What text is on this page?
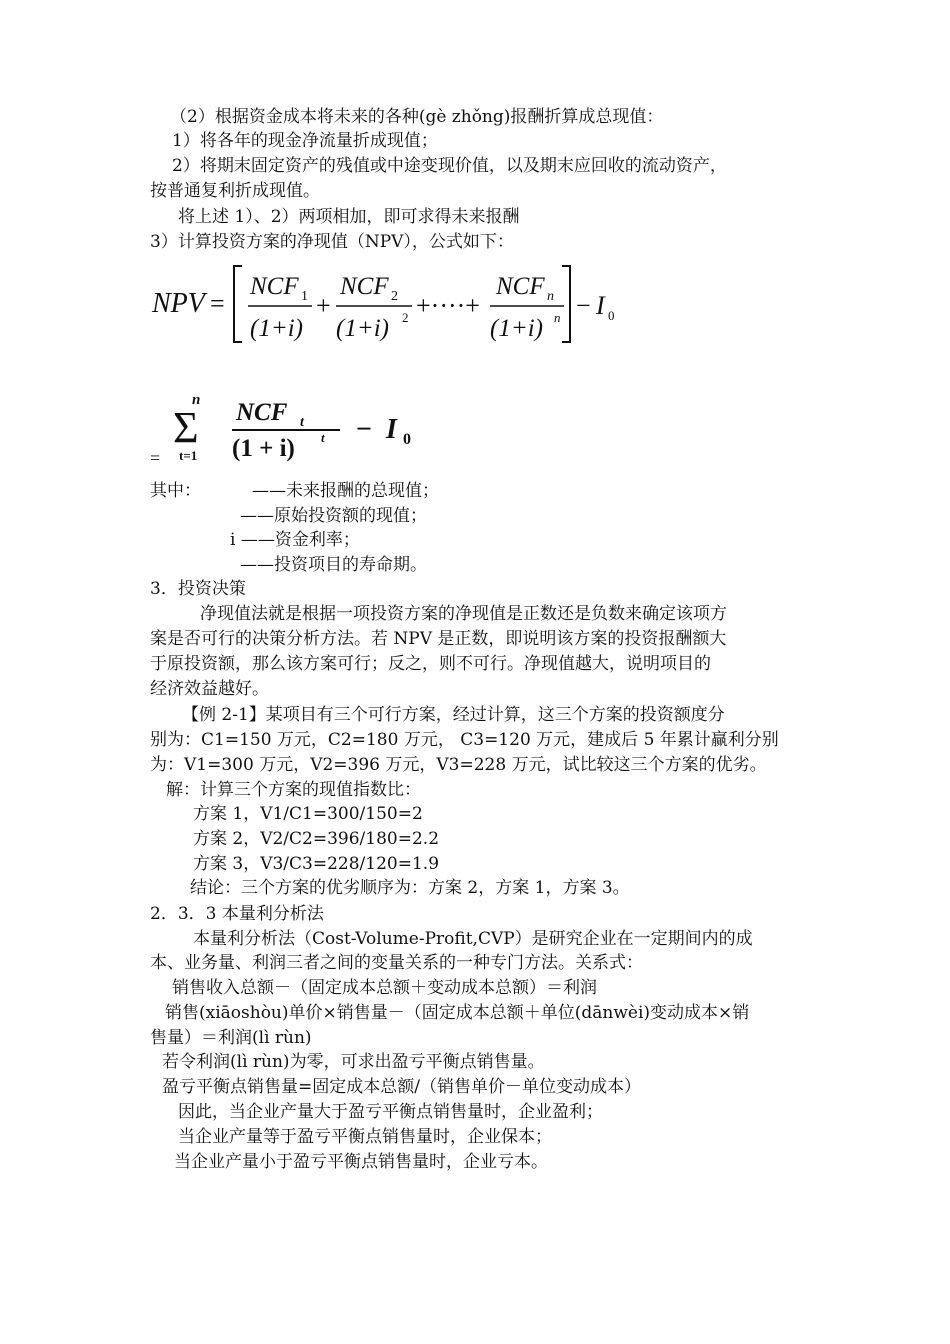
（2）根据资金成本将未来的各种(gè zhǒng)报酬折算成总现值：
1）将各年的现金净流量折成现值；
2）将期末固定资产的残值或中途变现价值，以及期末应回收的流动资产，
按普通复利折成现值。
将上述 1）、2）两项相加，即可求得未来报酬
3）计算投资方案的净现值（NPV），公式如下：
NPV =
NCF 1
(1+i)
+
NCF 2
(1+i) 2 +····+
NCF n
(1+i) n − I 0
=
n
Σ
t=1
NCF t
(1 + i) t − I 0
其中：	——未来报酬的总现值；
——原始投资额的现值；
i ——资金利率；
——投资项目的寿命期。
3．投资决策
净现值法就是根据一项投资方案的净现值是正数还是负数来确定该项方
案是否可行的决策分析方法。若 NPV 是正数，即说明该方案的投资报酬额大
于原投资额，那么该方案可行；反之，则不可行。净现值越大，说明项目的
经济效益越好。
【例 2-1】某项目有三个可行方案，经过计算，这三个方案的投资额度分
别为：C1=150 万元，C2=180 万元， C3=120 万元，建成后 5 年累计赢利分别
为：V1=300 万元，V2=396 万元，V3=228 万元，试比较这三个方案的优劣。
解：计算三个方案的现值指数比：
方案 1，V1/C1=300/150=2
方案 2，V2/C2=396/180=2.2
方案 3，V3/C3=228/120=1.9
结论：三个方案的优劣顺序为：方案 2，方案 1，方案 3。
2．3．3 本量利分析法
本量利分析法（Cost-Volume-Profit,CVP）是研究企业在一定期间内的成
本、业务量、利润三者之间的变量关系的一种专门方法。关系式：
销售收入总额－（固定成本总额＋变动成本总额）＝利润
销售(xiāoshòu)单价×销售量－（固定成本总额＋单位(dānwèi)变动成本×销
售量）＝利润(lì rùn)
若令利润(lì rùn)为零，可求出盈亏平衡点销售量。
盈亏平衡点销售量=固定成本总额/（销售单价－单位变动成本）
因此，当企业产量大于盈亏平衡点销售量时，企业盈利；
当企业产量等于盈亏平衡点销售量时，企业保本；
当企业产量小于盈亏平衡点销售量时，企业亏本。
